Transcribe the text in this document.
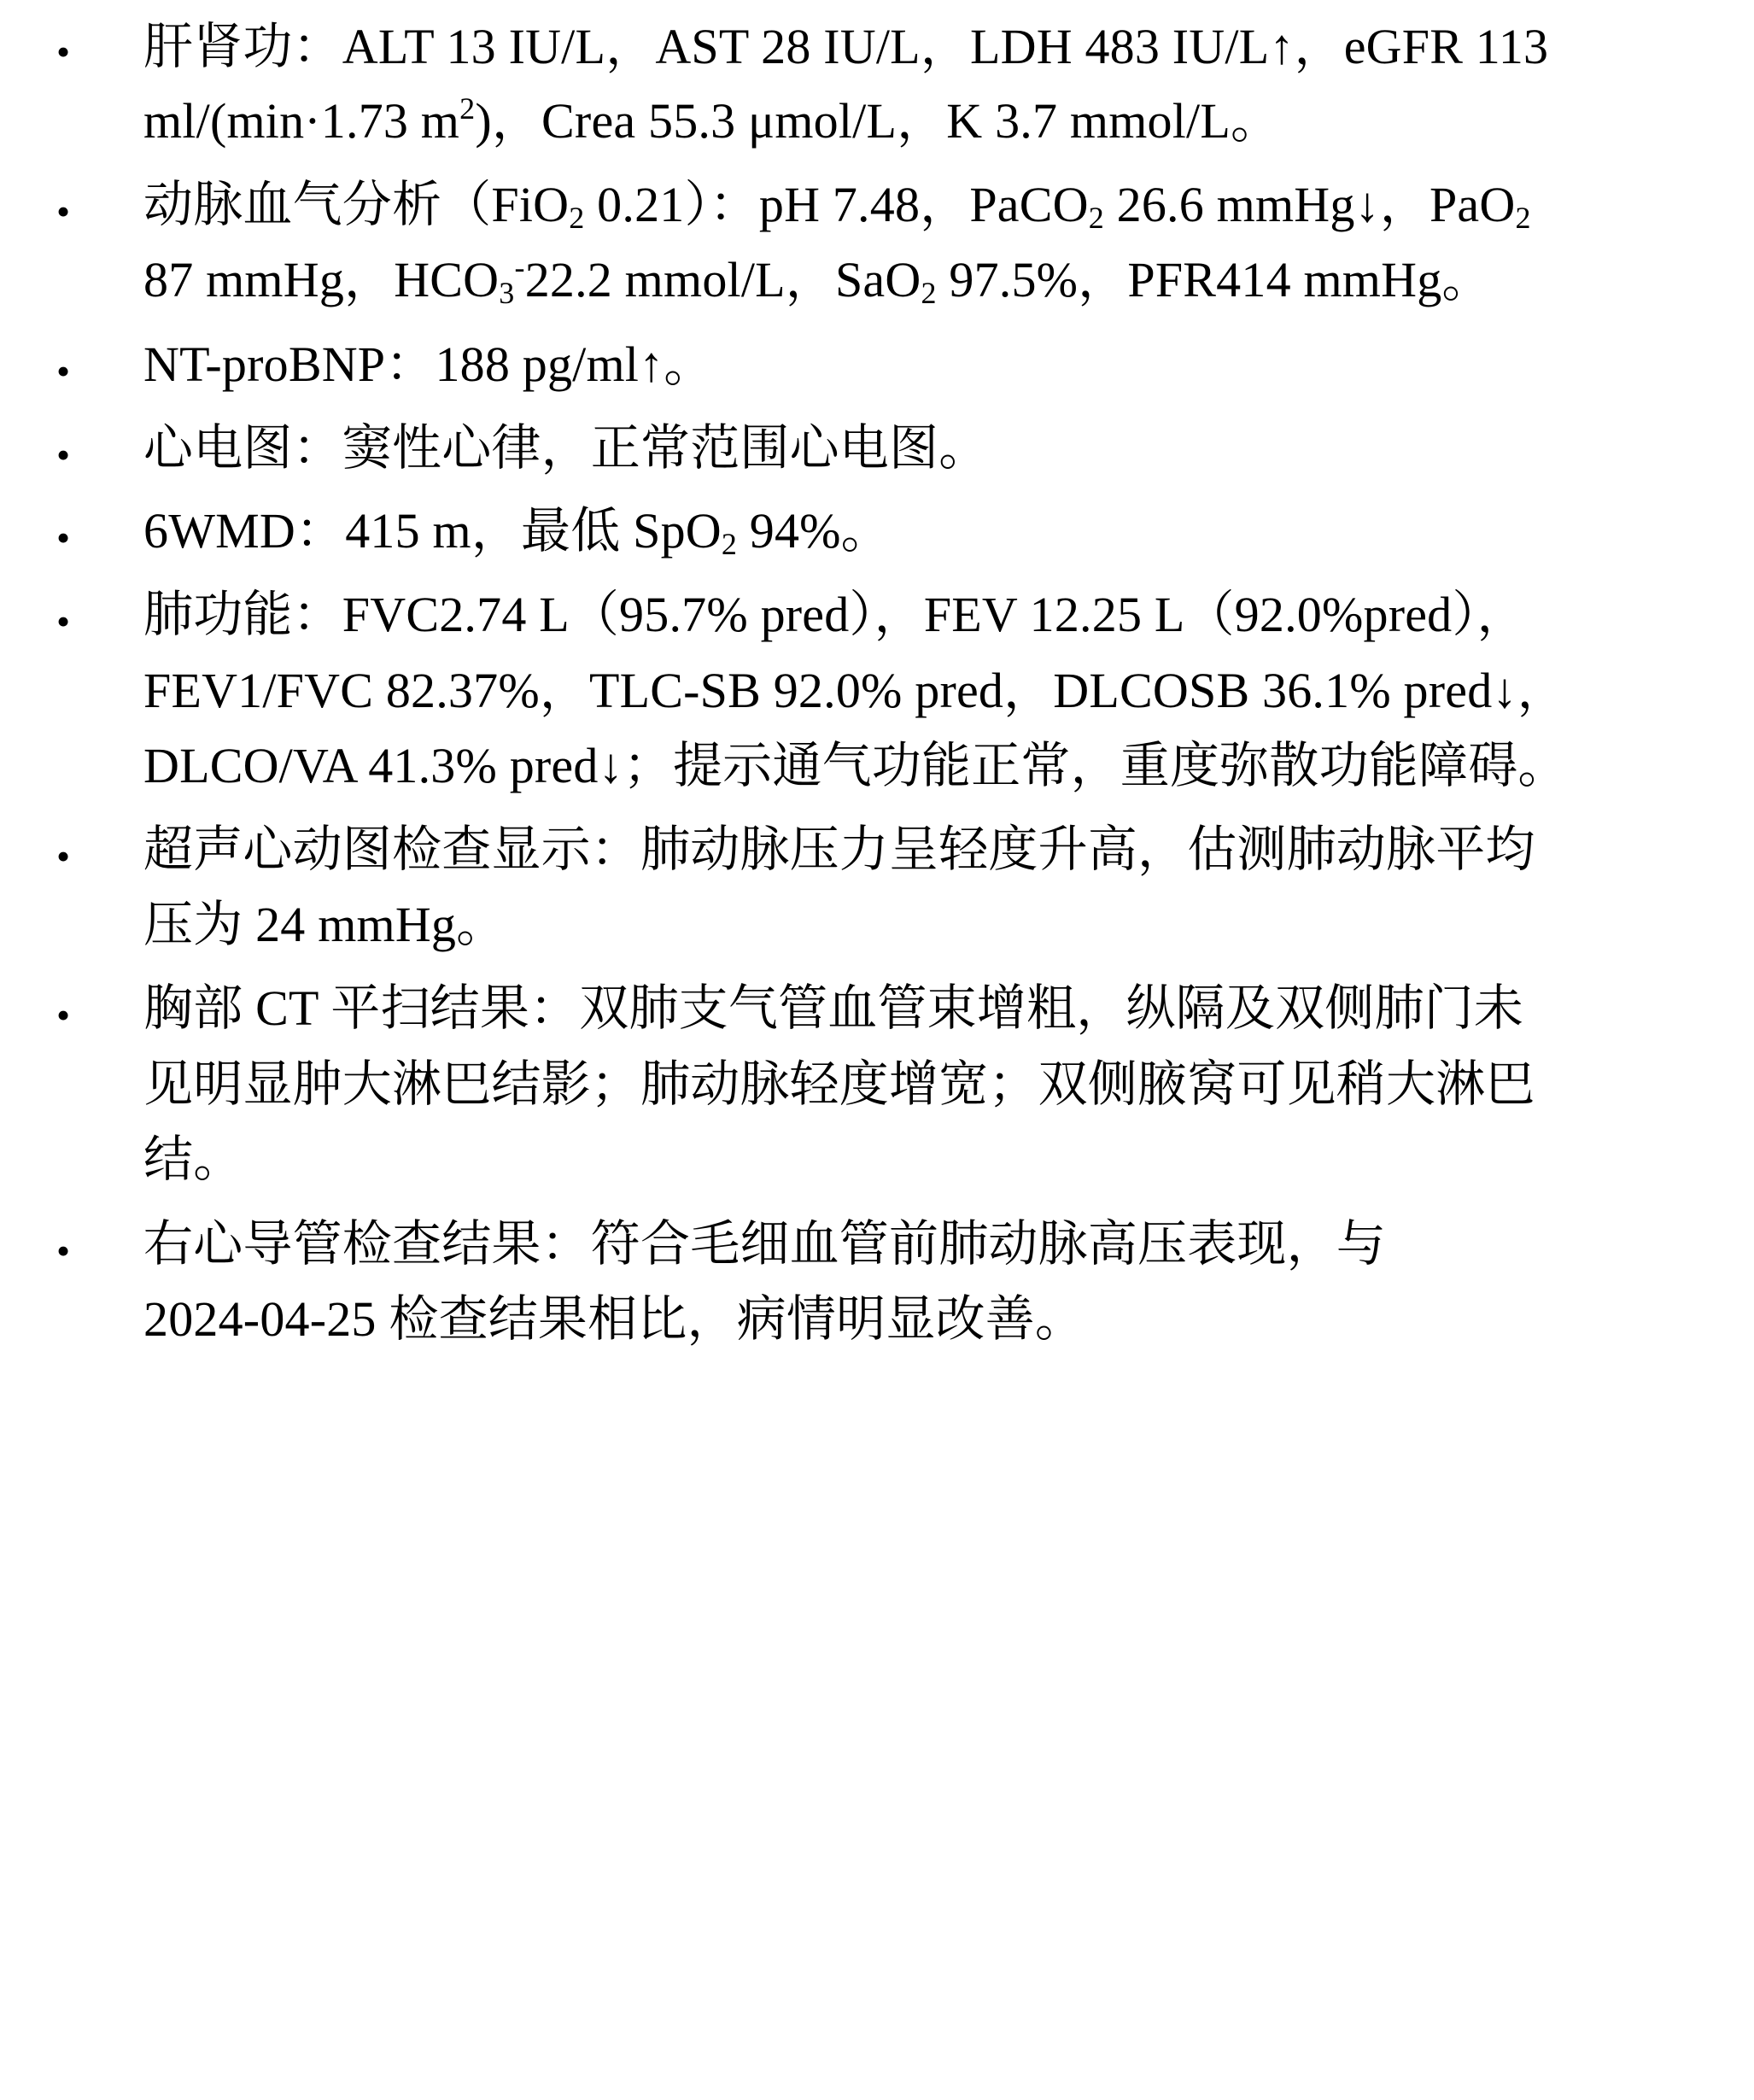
• 肝肾功：ALT 13 IU/L，AST 28 IU/L，LDH 483 IU/L↑，eGFR 113
ml/(min·1.73 $m^2$)，Crea 55.3 μmol/L，K 3.7 mmol/L。
• 动脉血气分析（FiO$_2$ 0.21）：pH 7.48，PaCO$_2$ 26.6 mmHg↓，PaO$_2$
87 mmHg，$HCO_3^-22.2$ mmol/L，SaO$_2$ 97.5%，PFR414 mmHg。
• NT-proBNP：188 pg/ml↑。
• 心电图：窦性心律，正常范围心电图。
• 6WMD：415 m，最低 SpO$_2$ 94%。
• 肺功能：FVC2.74 L（95.7% pred），FEV 12.25 L（92.0%pred），
FEV1/FVC 82.37%，TLC-SB 92.0% pred，DLCOSB 36.1% pred↓，
DLCO/VA 41.3% pred↓；提示通气功能正常，重度弥散功能障碍。
• 超声心动图检查显示：肺动脉压力呈轻度升高，估测肺动脉平均
压为 24 mmHg。
• 胸部 CT 平扫结果：双肺支气管血管束增粗，纵隔及双侧肺门未
见明显肿大淋巴结影；肺动脉轻度增宽；双侧腋窝可见稍大淋巴
结。
• 右心导管检查结果：符合毛细血管前肺动脉高压表现，与
2024-04-25 检查结果相比，病情明显改善。
